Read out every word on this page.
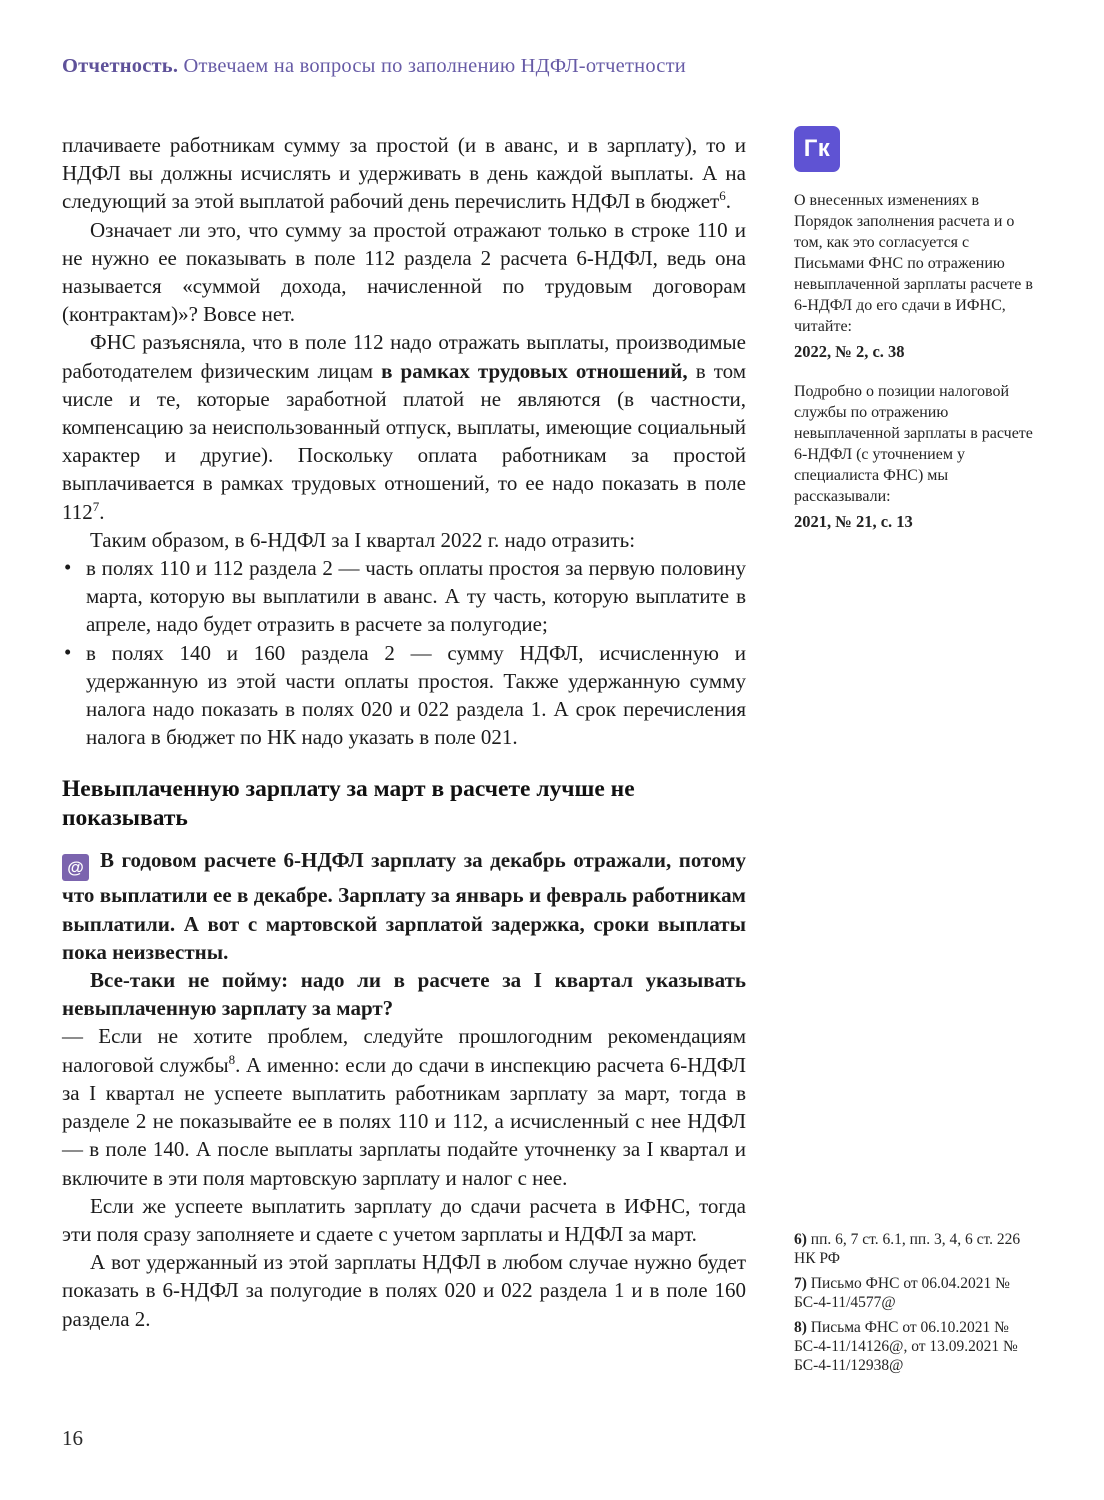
Отчетность. Отвечаем на вопросы по заполнению НДФЛ-отчетности

плачиваете работникам сумму за простой (и в аванс, и в зарплату), то и НДФЛ вы должны исчислять и удерживать в день каждой выплаты. А на следующий за этой выплатой рабочий день перечислить НДФЛ в бюджет$^6$.

Означает ли это, что сумму за простой отражают только в строке 110 и не нужно ее показывать в поле 112 раздела 2 расчета 6-НДФЛ, ведь она называется «суммой дохода, начисленной по трудовым договорам (контрактам)»? Вовсе нет.

ФНС разъясняла, что в поле 112 надо отражать выплаты, производимые работодателем физическим лицам в рамках трудовых отношений, в том числе и те, которые заработной платой не являются (в частности, компенсацию за неиспользованный отпуск, выплаты, имеющие социальный характер и другие). Поскольку оплата работникам за простой выплачивается в рамках трудовых отношений, то ее надо показать в поле $112^7$.

Таким образом, в 6-НДФЛ за I квартал 2022 г. надо отразить:

• в полях 110 и 112 раздела 2 — часть оплаты простоя за первую половину марта, которую вы выплатили в аванс. А ту часть, которую выплатите в апреле, надо будет отразить в расчете за полугодие;
• в полях 140 и 160 раздела 2 — сумму НДФЛ, исчисленную и удержанную из этой части оплаты простоя. Также удержанную сумму налога надо показать в полях 020 и 022 раздела 1. А срок перечисления налога в бюджет по НК надо указать в поле 021.
Невыплаченную зарплату за март в расчете лучше не показывать

@ В годовом расчете 6-НДФЛ зарплату за декабрь отражали, потому что выплатили ее в декабре. Зарплату за январь и февраль работникам выплатили. А вот с мартовской зарплатой задержка, сроки выплаты пока неизвестны.

Все-таки не пойму: надо ли в расчете за I квартал указывать невыплаченную зарплату за март?

— Если не хотите проблем, следуйте прошлогодним рекомендациям налоговой службы$^8$. А именно: если до сдачи в инспекцию расчета 6-НДФЛ за I квартал не успеете выплатить работникам зарплату за март, тогда в разделе 2 не показывайте ее в полях 110 и 112, а исчисленный с нее НДФЛ — в поле 140. А после выплаты зарплаты подайте уточненку за I квартал и включите в эти поля мартовскую зарплату и налог с нее.

Если же успеете выплатить зарплату до сдачи расчета в ИФНС, тогда эти поля сразу заполняете и сдаете с учетом зарплаты и НДФЛ за март.

А вот удержанный из этой зарплаты НДФЛ в любом случае нужно будет показать в 6-НДФЛ за полугодие в полях 020 и 022 раздела 1 и в поле 160 раздела 2.

Гк
О внесенных изменениях в Порядок заполнения расчета и о том, как это согласуется с Письмами ФНС по отражению невыплаченной зарплаты расчете в 6-НДФЛ до его сдачи в ИФНС, читайте:
2022, № 2, с. 38
Подробно о позиции налоговой службы по отражению невыплаченной зарплаты в расчете 6-НДФЛ (с уточнением у специалиста ФНС) мы рассказывали:
2021, № 21, с. 13

6) пп. 6, 7 ст. 6.1, пп. 3, 4, 6 ст. 226 НК РФ

7) Письмо ФНС от 06.04.2021 № БС-4-11/4577@

8) Письма ФНС от 06.10.2021 № БС-4-11/14126@, от 13.09.2021 № БС-4-11/12938@

16
